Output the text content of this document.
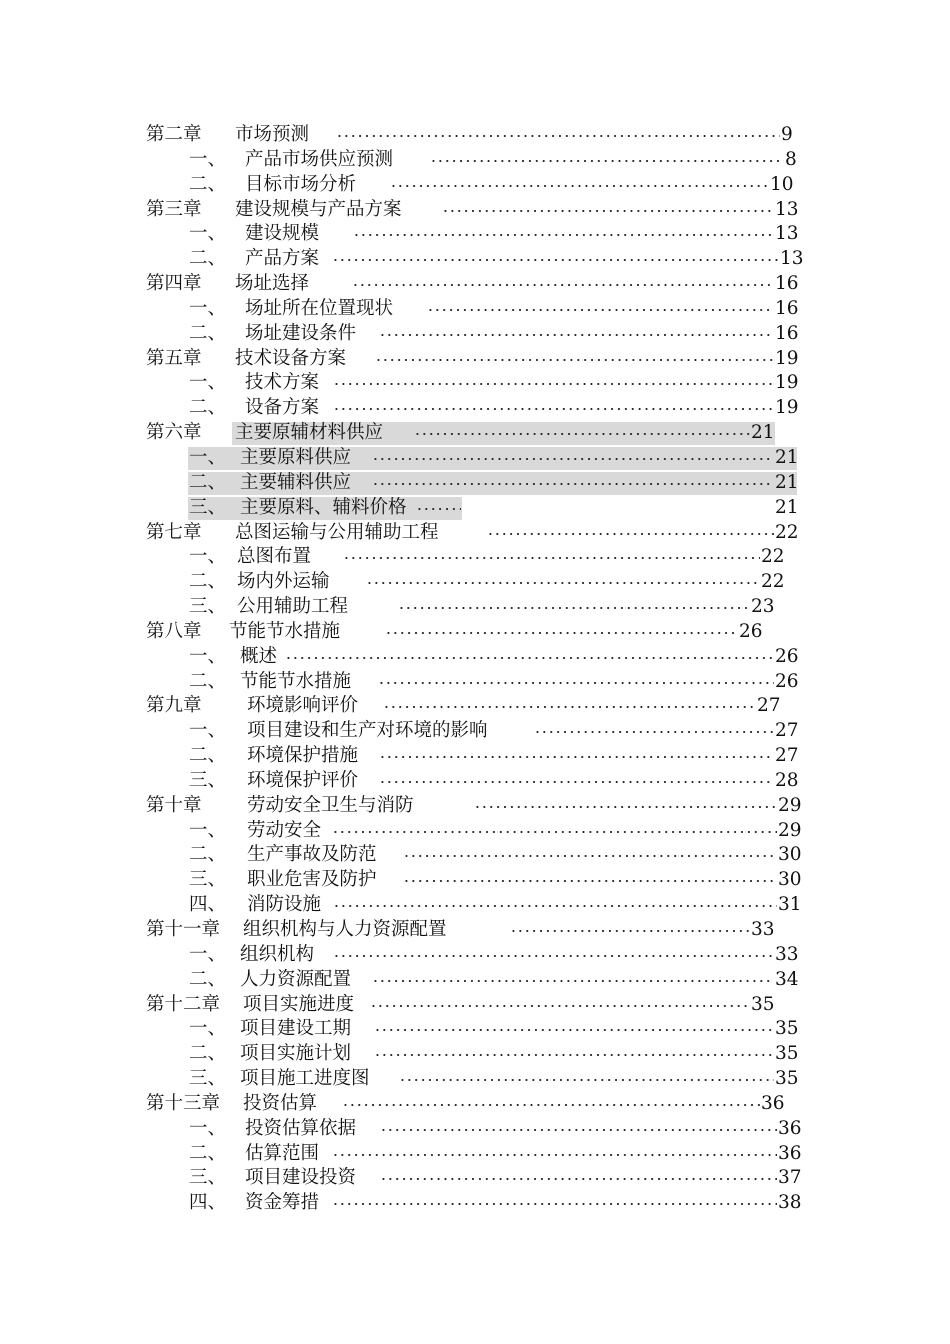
第二章 市场预测	9
一、 产品市场供应预测	8
二、 目标市场分析	10
第三章 建设规模与产品方案	13
一、 建设规模	13
二、 产品方案	13
第四章 场址选择	16
一、 场址所在位置现状	16
二、 场址建设条件	16
第五章 技术设备方案	19
一、 技术方案	19
二、 设备方案	19
第六章 主要原辅材料供应	21
一、 主要原料供应	21
二、 主要辅料供应	21
三、 主要原料、辅料价格	21
第七章 总图运输与公用辅助工程	22
一、 总图布置	22
二、 场内外运输	22
三、 公用辅助工程	23
第八章 节能节水措施	26
一、 概述	26
二、 节能节水措施	26
第九章 环境影响评价	27
一、 项目建设和生产对环境的影响	27
二、 环境保护措施	27
三、 环境保护评价	28
第十章 劳动安全卫生与消防	29
一、 劳动安全	29
二、 生产事故及防范	30
三、 职业危害及防护	30
四、 消防设施	31
第十一章 组织机构与人力资源配置	33
一、 组织机构	33
二、 人力资源配置	34
第十二章 项目实施进度	35
一、 项目建设工期	35
二、 项目实施计划	35
三、 项目施工进度图	35
第十三章 投资估算	36
一、 投资估算依据	36
二、 估算范围	36
三、 项目建设投资	37
四、 资金筹措	38
